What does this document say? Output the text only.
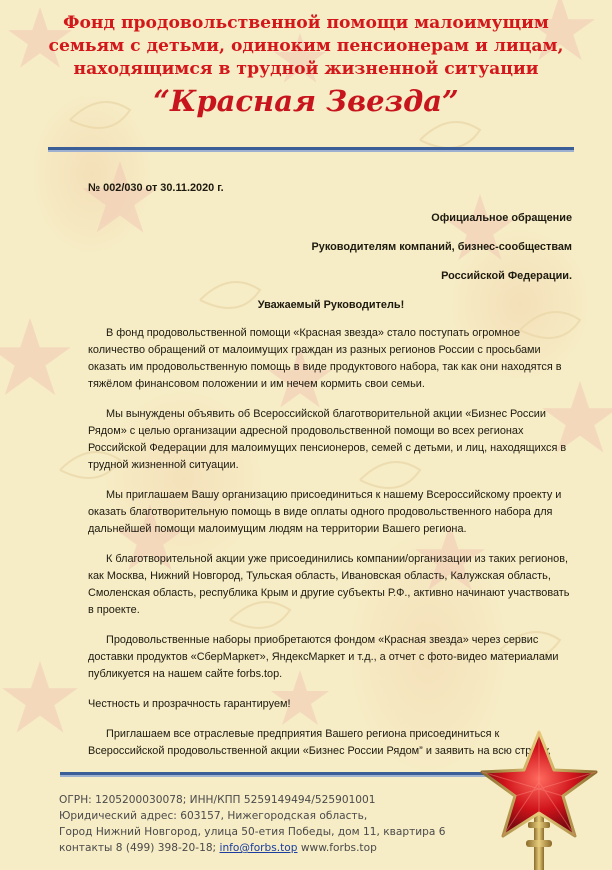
Фонд продовольственной помощи малоимущим
семьям с детьми, одиноким пенсионерам и лицам,
находящимся в трудной жизненной ситуации
“Красная Звезда”

№ 002/030 от 30.11.2020 г.

Официальное обращение

Руководителям компаний, бизнес-сообществам

Российской Федерации.

Уважаемый Руководитель!

В фонд продовольственной помощи «Красная звезда» стало поступать огромное количество обращений от малоимущих граждан из разных регионов России с просьбами оказать им продовольственную помощь в виде продуктового набора, так как они находятся в тяжёлом финансовом положении и им нечем кормить свои семьи.

Мы вынуждены объявить об Всероссийской благотворительной акции «Бизнес России Рядом» с целью организации адресной продовольственной помощи во всех регионах Российской Федерации для малоимущих пенсионеров, семей с детьми, и лиц, находящихся в трудной жизненной ситуации.

Мы приглашаем Вашу организацию присоединиться к нашему Всероссийскому проекту и оказать благотворительную помощь в виде оплаты одного продовольственного набора для дальнейшей помощи малоимущим людям на территории Вашего региона.

К благотворительной акции уже присоединились компании/организации из таких регионов, как Москва, Нижний Новгород, Тульская область, Ивановская область, Калужская область, Смоленская область, республика Крым и другие субъекты Р.Ф., активно начинают участвовать в проекте.

Продовольственные наборы приобретаются фондом «Красная звезда» через сервис доставки продуктов «СберМаркет», ЯндексМаркет и т.д., а отчет с фото-видео материалами публикуется на нашем сайте forbs.top.

Честность и прозрачность гарантируем!

Приглашаем все отраслевые предприятия Вашего региона присоединиться к Всероссийской продовольственной акции «Бизнес России Рядом” и заявить на всю страну,

ОГРН: 1205200030078; ИНН/КПП 5259149494/525901001
Юридический адрес: 603157, Нижегородская область,
Город Нижний Новгород, улица 50-етия Победы, дом 11, квартира 6
контакты 8 (499) 398-20-18; info@forbs.top www.forbs.top
